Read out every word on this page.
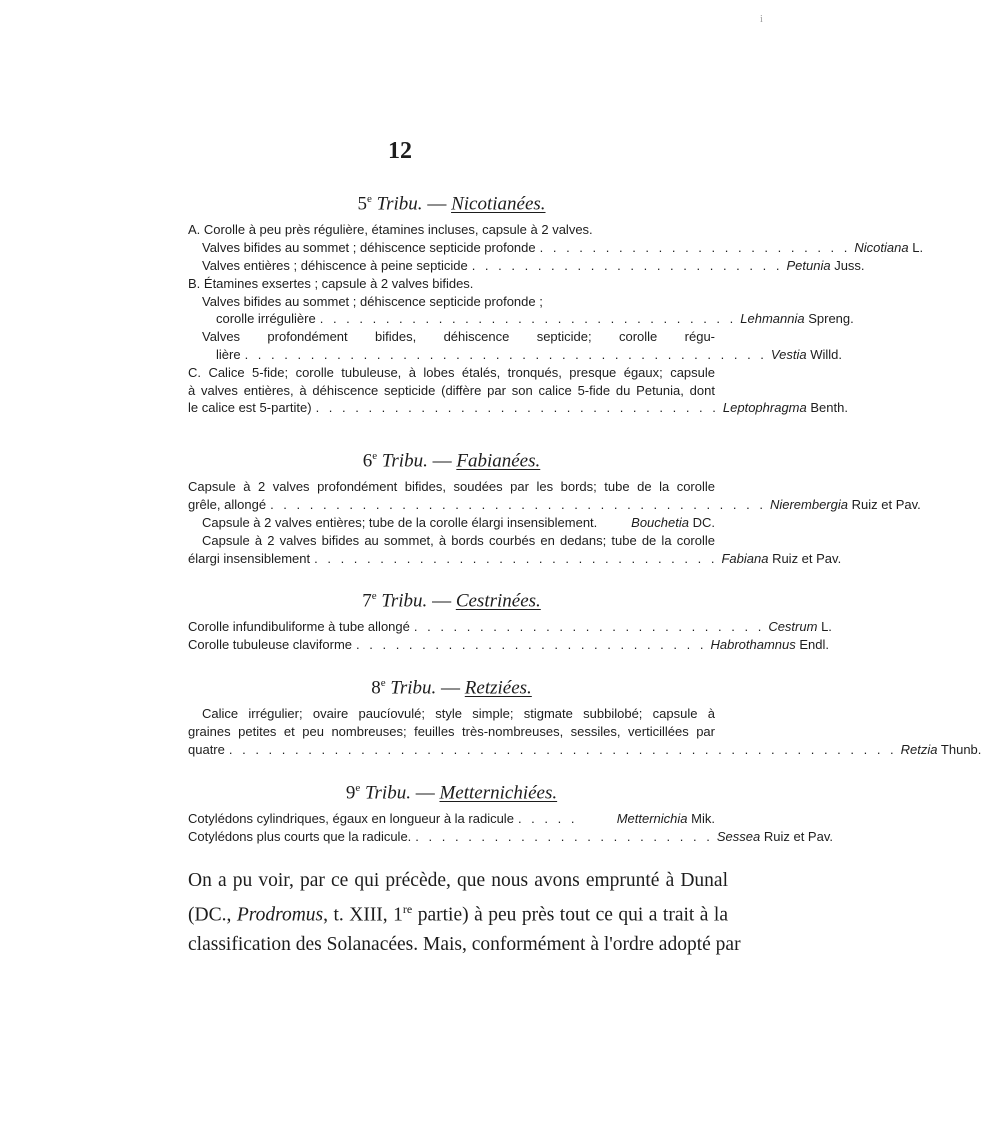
i
12
5e Tribu. — Nicotianées.
A. Corolle à peu près régulière, étamines incluses, capsule à 2 valves.
Valves bifides au sommet ; déhiscence septicide profonde . . . . . . . . . . . . . . . . . . . . . . . . Nicotiana L.
Valves entières ; déhiscence à peine septicide . . . . . . . . . . . . . . . . . . . . . . . . Petunia Juss.
B. Étamines exsertes ; capsule à 2 valves bifides.
Valves bifides au sommet ; déhiscence septicide profonde ;
corolle irrégulière . . . . . . . . . . . . . . . . . . . . . . . . . . . . . . . . Lehmannia Spreng.
Valves profondément bifides, déhiscence septicide; corolle régu-
lière . . . . . . . . . . . . . . . . . . . . . . . . . . . . . . . . . . . . . . . . Vestia Willd.
C. Calice 5-fide; corolle tubuleuse, à lobes étalés, tronqués, presque égaux; capsule
à valves entières, à déhiscence septicide (diffère par son calice 5-fide du Petunia, dont
le calice est 5-partite) . . . . . . . . . . . . . . . . . . . . . . . . . . . . . . . Leptophragma Benth.
6e Tribu. — Fabianées.
Capsule à 2 valves profondément bifides, soudées par les bords; tube de la corolle
grêle, allongé . . . . . . . . . . . . . . . . . . . . . . . . . . . . . . . . . . . . . . Nierembergia Ruiz et Pav.
Capsule à 2 valves entières; tube de la corolle élargi insensiblement.	Bouchetia DC.
Capsule à 2 valves bifides au sommet, à bords courbés en dedans; tube de la corolle
élargi insensiblement . . . . . . . . . . . . . . . . . . . . . . . . . . . . . . . Fabiana Ruiz et Pav.
7e Tribu. — Cestrinées.
Corolle infundibuliforme à tube allongé . . . . . . . . . . . . . . . . . . . . . . . . . . . Cestrum L.
Corolle tubuleuse claviforme . . . . . . . . . . . . . . . . . . . . . . . . . . . Habrothamnus Endl.
8e Tribu. — Retziées.
Calice irrégulier; ovaire paucíovulé; style simple; stigmate subbilobé; capsule à
graines petites et peu nombreuses; feuilles très-nombreuses, sessiles, verticillées par
quatre . . . . . . . . . . . . . . . . . . . . . . . . . . . . . . . . . . . . . . . . . . . . . . . . . . . Retzia Thunb.
9e Tribu. — Metternichiées.
Cotylédons cylindriques, égaux en longueur à la radicule . . . . .	Metternichia Mik.
Cotylédons plus courts que la radicule. . . . . . . . . . . . . . . . . . . . . . . . Sessea Ruiz et Pav.
On a pu voir, par ce qui précède, que nous avons emprunté à Dunal
(DC., Prodromus, t. XIII, 1re partie) à peu près tout ce qui a trait à la
classification des Solanacées. Mais, conformément à l'ordre adopté par
